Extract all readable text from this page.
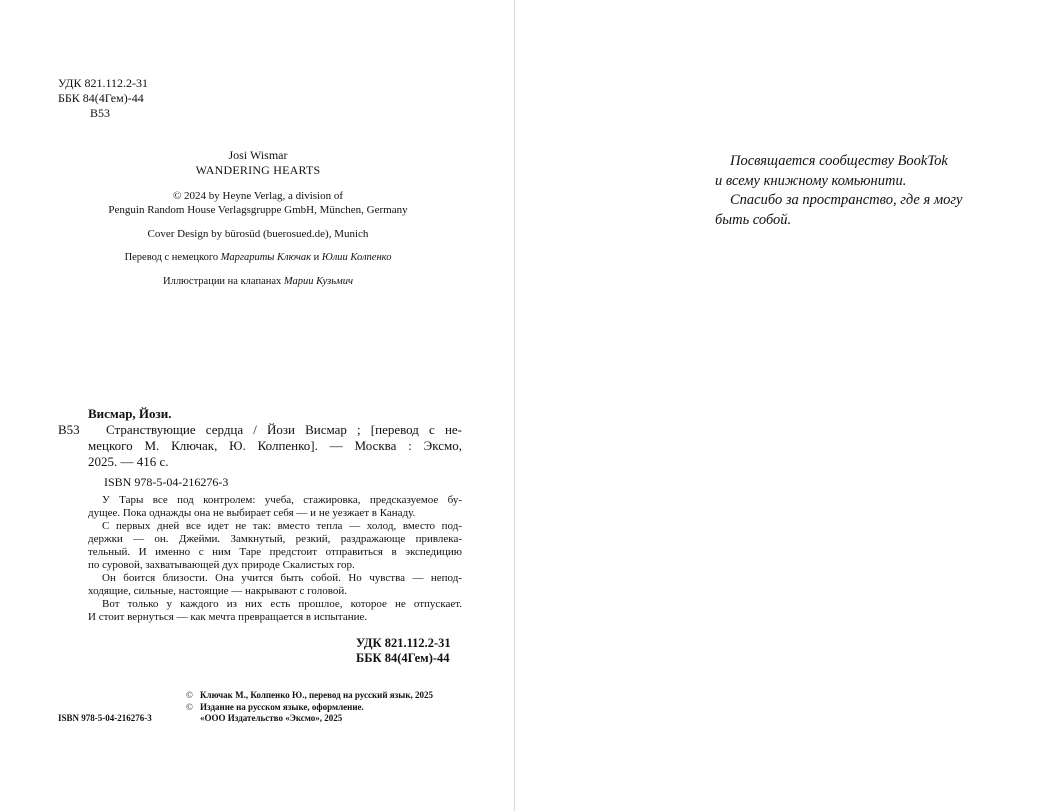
УДК 821.112.2-31
ББК 84(4Гем)-44
В53
Josi Wismar
WANDERING HEARTS
© 2024 by Heyne Verlag, a division of
Penguin Random House Verlagsgruppe GmbH, München, Germany
Cover Design by bürosüd (buerosued.de), Munich
Перевод с немецкого Маргариты Ключак и Юлии Колпенко
Иллюстрации на клапанах Марии Кузьмич
Висмар, Йози.
В53	Странствующие сердца / Йози Висмар ; [перевод с не-
мецкого М. Ключак, Ю. Колпенко]. — Москва : Эксмо,
2025. — 416 с.
ISBN 978-5-04-216276-3
У Тары все под контролем: учеба, стажировка, предсказуемое бу-
дущее. Пока однажды она не выбирает себя — и не уезжает в Канаду.
С первых дней все идет не так: вместо тепла — холод, вместо под-
держки — он. Джейми. Замкнутый, резкий, раздражающе привлека-
тельный. И именно с ним Таре предстоит отправиться в экспедицию
по суровой, захватывающей дух природе Скалистых гор.
Он боится близости. Она учится быть собой. Но чувства — непод-
ходящие, сильные, настоящие — накрывают с головой.
Вот только у каждого из них есть прошлое, которое не отпускает.
И стоит вернуться — как мечта превращается в испытание.
УДК 821.112.2-31
ББК 84(4Гем)-44
ISBN 978-5-04-216276-3
© Ключак М., Колпенко Ю., перевод на русский язык, 2025
© Издание на русском языке, оформление.
«ООО Издательство «Эксмо», 2025
Посвящается сообществу BookTok
и всему книжному комьюнити.
Спасибо за пространство, где я могу
быть собой.
